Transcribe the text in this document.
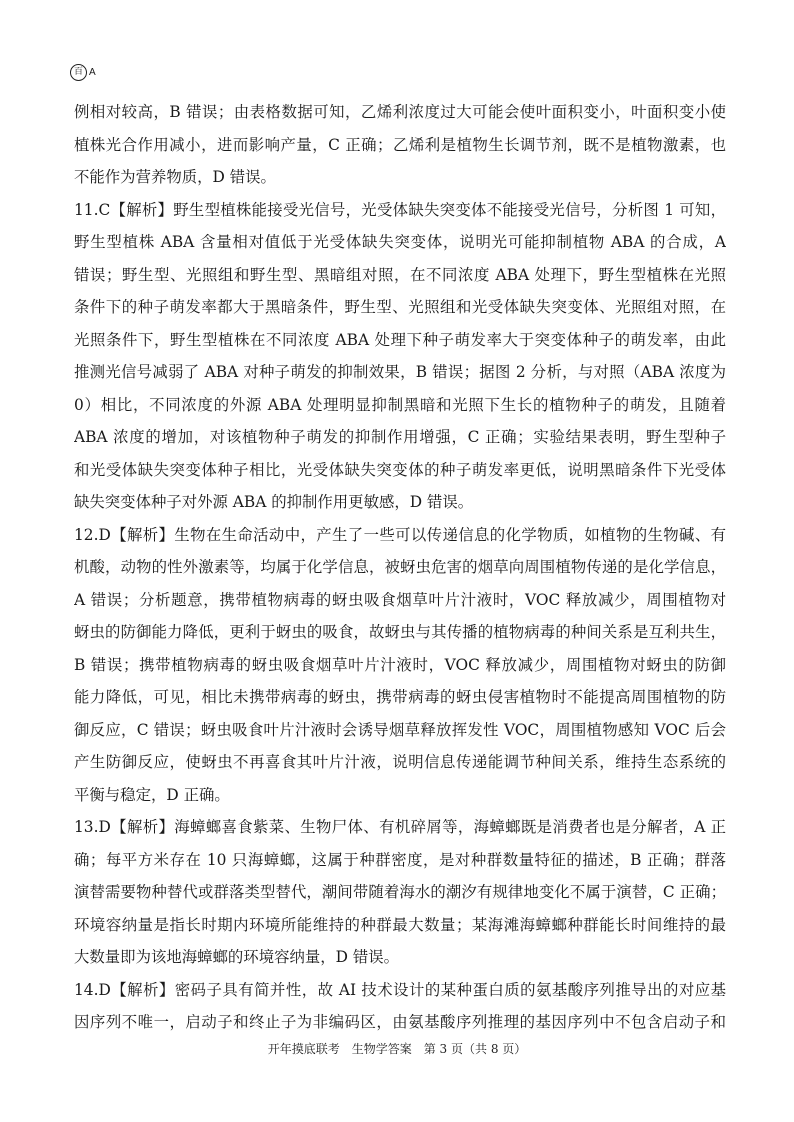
百 A
例相对较高，B 错误；由表格数据可知，乙烯利浓度过大可能会使叶面积变小，叶面积变小使
植株光合作用减小，进而影响产量，C 正确；乙烯利是植物生长调节剂，既不是植物激素，也
不能作为营养物质，D 错误。
11.C【解析】野生型植株能接受光信号，光受体缺失突变体不能接受光信号，分析图 1 可知，
野生型植株 ABA 含量相对值低于光受体缺失突变体，说明光可能抑制植物 ABA 的合成，A
错误；野生型、光照组和野生型、黑暗组对照，在不同浓度 ABA 处理下，野生型植株在光照
条件下的种子萌发率都大于黑暗条件，野生型、光照组和光受体缺失突变体、光照组对照，在
光照条件下，野生型植株在不同浓度 ABA 处理下种子萌发率大于突变体种子的萌发率，由此
推测光信号减弱了 ABA 对种子萌发的抑制效果，B 错误；据图 2 分析，与对照（ABA 浓度为
0）相比，不同浓度的外源 ABA 处理明显抑制黑暗和光照下生长的植物种子的萌发，且随着
ABA 浓度的增加，对该植物种子萌发的抑制作用增强，C 正确；实验结果表明，野生型种子
和光受体缺失突变体种子相比，光受体缺失突变体的种子萌发率更低，说明黑暗条件下光受体
缺失突变体种子对外源 ABA 的抑制作用更敏感，D 错误。
12.D【解析】生物在生命活动中，产生了一些可以传递信息的化学物质，如植物的生物碱、有
机酸，动物的性外激素等，均属于化学信息，被蚜虫危害的烟草向周围植物传递的是化学信息，
A 错误；分析题意，携带植物病毒的蚜虫吸食烟草叶片汁液时，VOC 释放减少，周围植物对
蚜虫的防御能力降低，更利于蚜虫的吸食，故蚜虫与其传播的植物病毒的种间关系是互利共生，
B 错误；携带植物病毒的蚜虫吸食烟草叶片汁液时，VOC 释放减少，周围植物对蚜虫的防御
能力降低，可见，相比未携带病毒的蚜虫，携带病毒的蚜虫侵害植物时不能提高周围植物的防
御反应，C 错误；蚜虫吸食叶片汁液时会诱导烟草释放挥发性 VOC，周围植物感知 VOC 后会
产生防御反应，使蚜虫不再喜食其叶片汁液，说明信息传递能调节种间关系，维持生态系统的
平衡与稳定，D 正确。
13.D【解析】海蟑螂喜食紫菜、生物尸体、有机碎屑等，海蟑螂既是消费者也是分解者，A 正
确；每平方米存在 10 只海蟑螂，这属于种群密度，是对种群数量特征的描述，B 正确；群落
演替需要物种替代或群落类型替代，潮间带随着海水的潮汐有规律地变化不属于演替，C 正确；
环境容纳量是指长时期内环境所能维持的种群最大数量；某海滩海蟑螂种群能长时间维持的最
大数量即为该地海蟑螂的环境容纳量，D 错误。
14.D【解析】密码子具有简并性，故 AI 技术设计的某种蛋白质的氨基酸序列推导出的对应基
因序列不唯一，启动子和终止子为非编码区，由氨基酸序列推理的基因序列中不包含启动子和
开年摸底联考　生物学答案　第 3 页（共 8 页）
